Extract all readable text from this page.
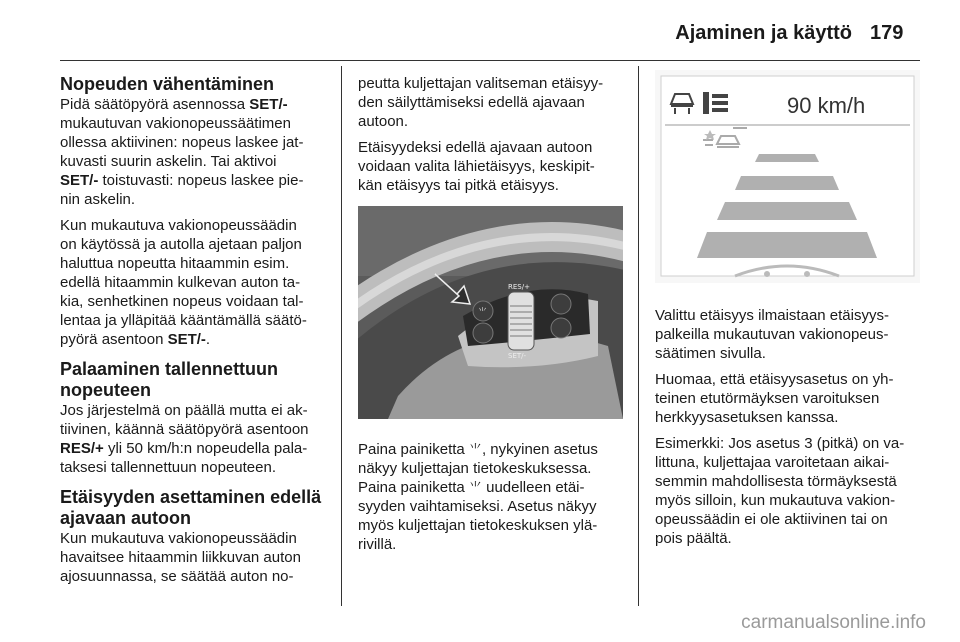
Ajaminen ja käyttö 179
Nopeuden vähentäminen

Pidä säätöpyörä asennossa SET/-
mukautuvan vakionopeussäätimen
ollessa aktiivinen: nopeus laskee jat-
kuvasti suurin askelin. Tai aktivoi
SET/- toistuvasti: nopeus laskee pie-
nin askelin.

Kun mukautuva vakionopeussäädin
on käytössä ja autolla ajetaan paljon
haluttua nopeutta hitaammin esim.
edellä hitaammin kulkevan auton ta-
kia, senhetkinen nopeus voidaan tal-
lentaa ja ylläpitää kääntämällä säätö-
pyörä asentoon SET/-.

Palaaminen tallennettuun
nopeuteen

Jos järjestelmä on päällä mutta ei ak-
tiivinen, käännä säätöpyörä asentoon
RES/+ yli 50 km/h:n nopeudella pala-
taksesi tallennettuun nopeuteen.

Etäisyyden asettaminen edellä
ajavaan autoon

Kun mukautuva vakionopeussäädin
havaitsee hitaammin liikkuvan auton
ajosuunnassa, se säätää auton no-

peutta kuljettajan valitseman etäisyy-
den säilyttämiseksi edellä ajavaan
autoon.

Etäisyydeksi edellä ajavaan autoon
voidaan valita lähietäisyys, keskipit-
kän etäisyys tai pitkä etäisyys.

⺌
RES/+
SET/-

Paina painiketta ⺌, nykyinen asetus
näkyy kuljettajan tietokeskuksessa.
Paina painiketta ⺌ uudelleen etäi-
syyden vaihtamiseksi. Asetus näkyy
myös kuljettajan tietokeskuksen ylä-
rivillä.

90 km/h

Valittu etäisyys ilmaistaan etäisyys-
palkeilla mukautuvan vakionopeus-
säätimen sivulla.

Huomaa, että etäisyysasetus on yh-
teinen etutörmäyksen varoituksen
herkkyysasetuksen kanssa.

Esimerkki: Jos asetus 3 (pitkä) on va-
littuna, kuljettajaa varoitetaan aikai-
semmin mahdollisesta törmäyksestä
myös silloin, kun mukautuva vakion-
opeussäädin ei ole aktiivinen tai on
pois päältä.

carmanualsonline.info
